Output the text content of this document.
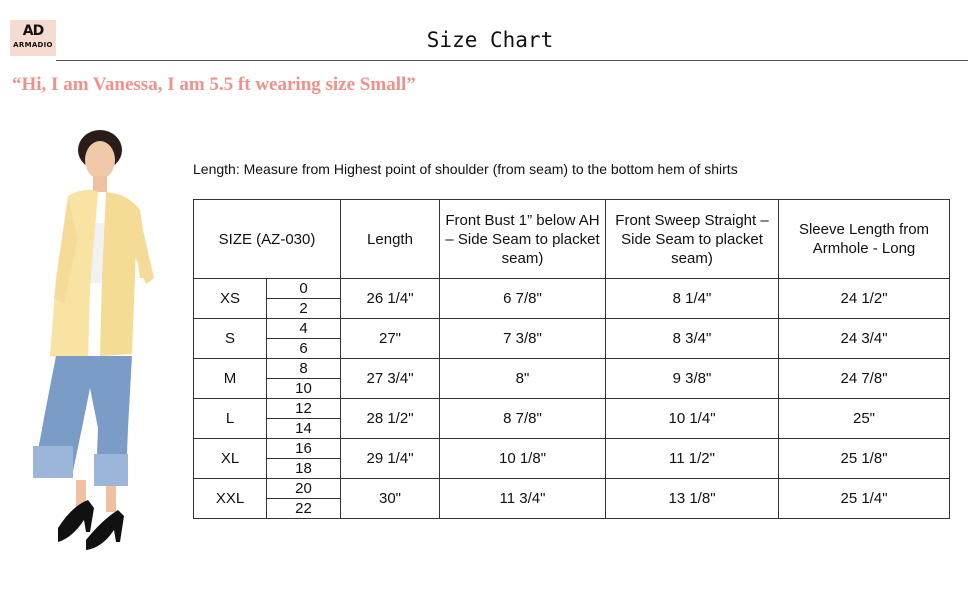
AD
ARMADIO	Size Chart
“Hi, I am Vanessa, I am 5.5 ft wearing size Small”
Length: Measure from Highest point of shoulder (from seam) to the bottom hem of shirts
SIZE (AZ-030)		Length	Front Bust 1” below AH – Side Seam to placket seam)	Front Sweep Straight – Side Seam to placket seam)	Sleeve Length from Armhole - Long
XS	0	26 1/4"	6 7/8"	8 1/4"	24 1/2"
	2				
S	4	27"	7 3/8"	8 3/4"	24 3/4"
	6				
M	8	27 3/4"	8"	9 3/8"	24 7/8"
	10				
L	12	28 1/2"	8 7/8"	10 1/4"	25"
	14				
XL	16	29 1/4"	10 1/8"	11 1/2"	25 1/8"
	18				
XXL	20	30"	11 3/4"	13 1/8"	25 1/4"
	22				
